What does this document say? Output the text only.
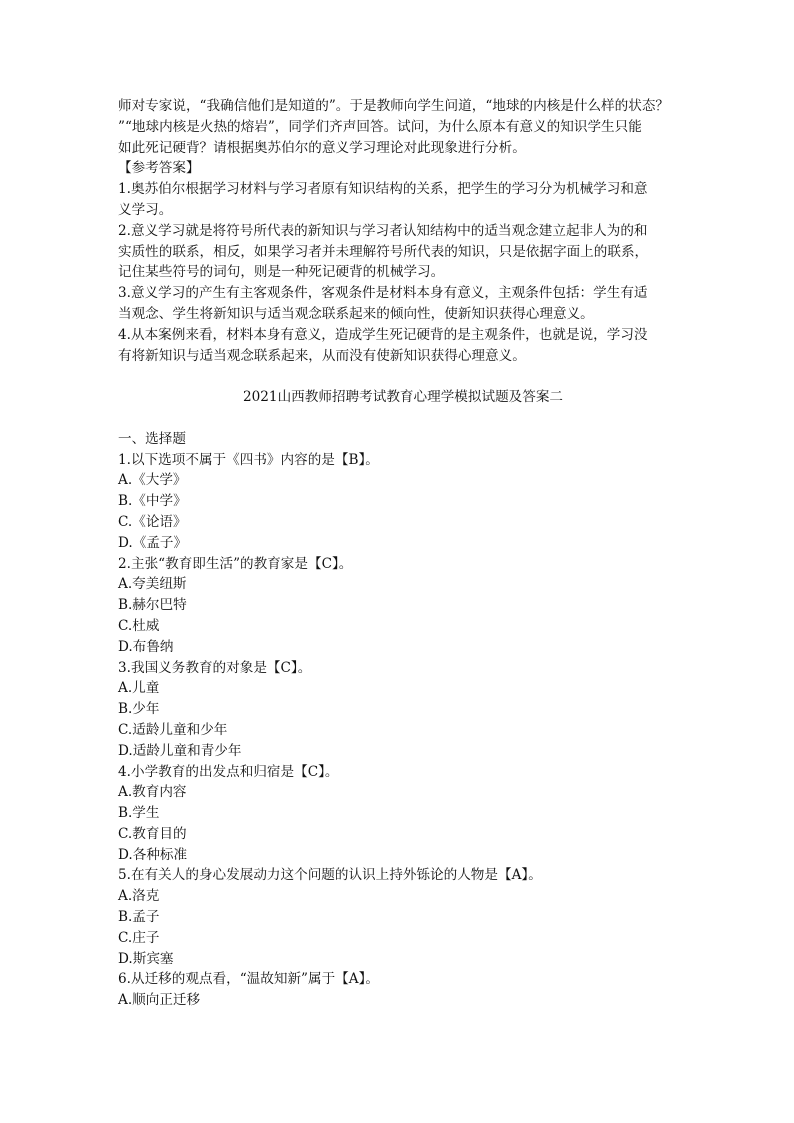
师对专家说，“我确信他们是知道的”。于是教师向学生问道，“地球的内核是什么样的状态？
”“地球内核是火热的熔岩”，同学们齐声回答。试问，为什么原本有意义的知识学生只能
如此死记硬背？请根据奥苏伯尔的意义学习理论对此现象进行分析。
【参考答案】
1.奥苏伯尔根据学习材料与学习者原有知识结构的关系，把学生的学习分为机械学习和意
义学习。
2.意义学习就是将符号所代表的新知识与学习者认知结构中的适当观念建立起非人为的和
实质性的联系，相反，如果学习者并未理解符号所代表的知识，只是依据字面上的联系，
记住某些符号的词句，则是一种死记硬背的机械学习。
3.意义学习的产生有主客观条件，客观条件是材料本身有意义，主观条件包括：学生有适
当观念、学生将新知识与适当观念联系起来的倾向性，使新知识获得心理意义。
4.从本案例来看，材料本身有意义，造成学生死记硬背的是主观条件，也就是说，学习没
有将新知识与适当观念联系起来，从而没有使新知识获得心理意义。
2021山西教师招聘考试教育心理学模拟试题及答案二
一、选择题
1.以下选项不属于《四书》内容的是【B】。
A.《大学》
B.《中学》
C.《论语》
D.《孟子》
2.主张“教育即生活”的教育家是【C】。
A.夸美纽斯
B.赫尔巴特
C.杜威
D.布鲁纳
3.我国义务教育的对象是【C】。
A.儿童
B.少年
C.适龄儿童和少年
D.适龄儿童和青少年
4.小学教育的出发点和归宿是【C】。
A.教育内容
B.学生
C.教育目的
D.各种标准
5.在有关人的身心发展动力这个问题的认识上持外铄论的人物是【A】。
A.洛克
B.孟子
C.庄子
D.斯宾塞
6.从迁移的观点看，“温故知新”属于【A】。
A.顺向正迁移
